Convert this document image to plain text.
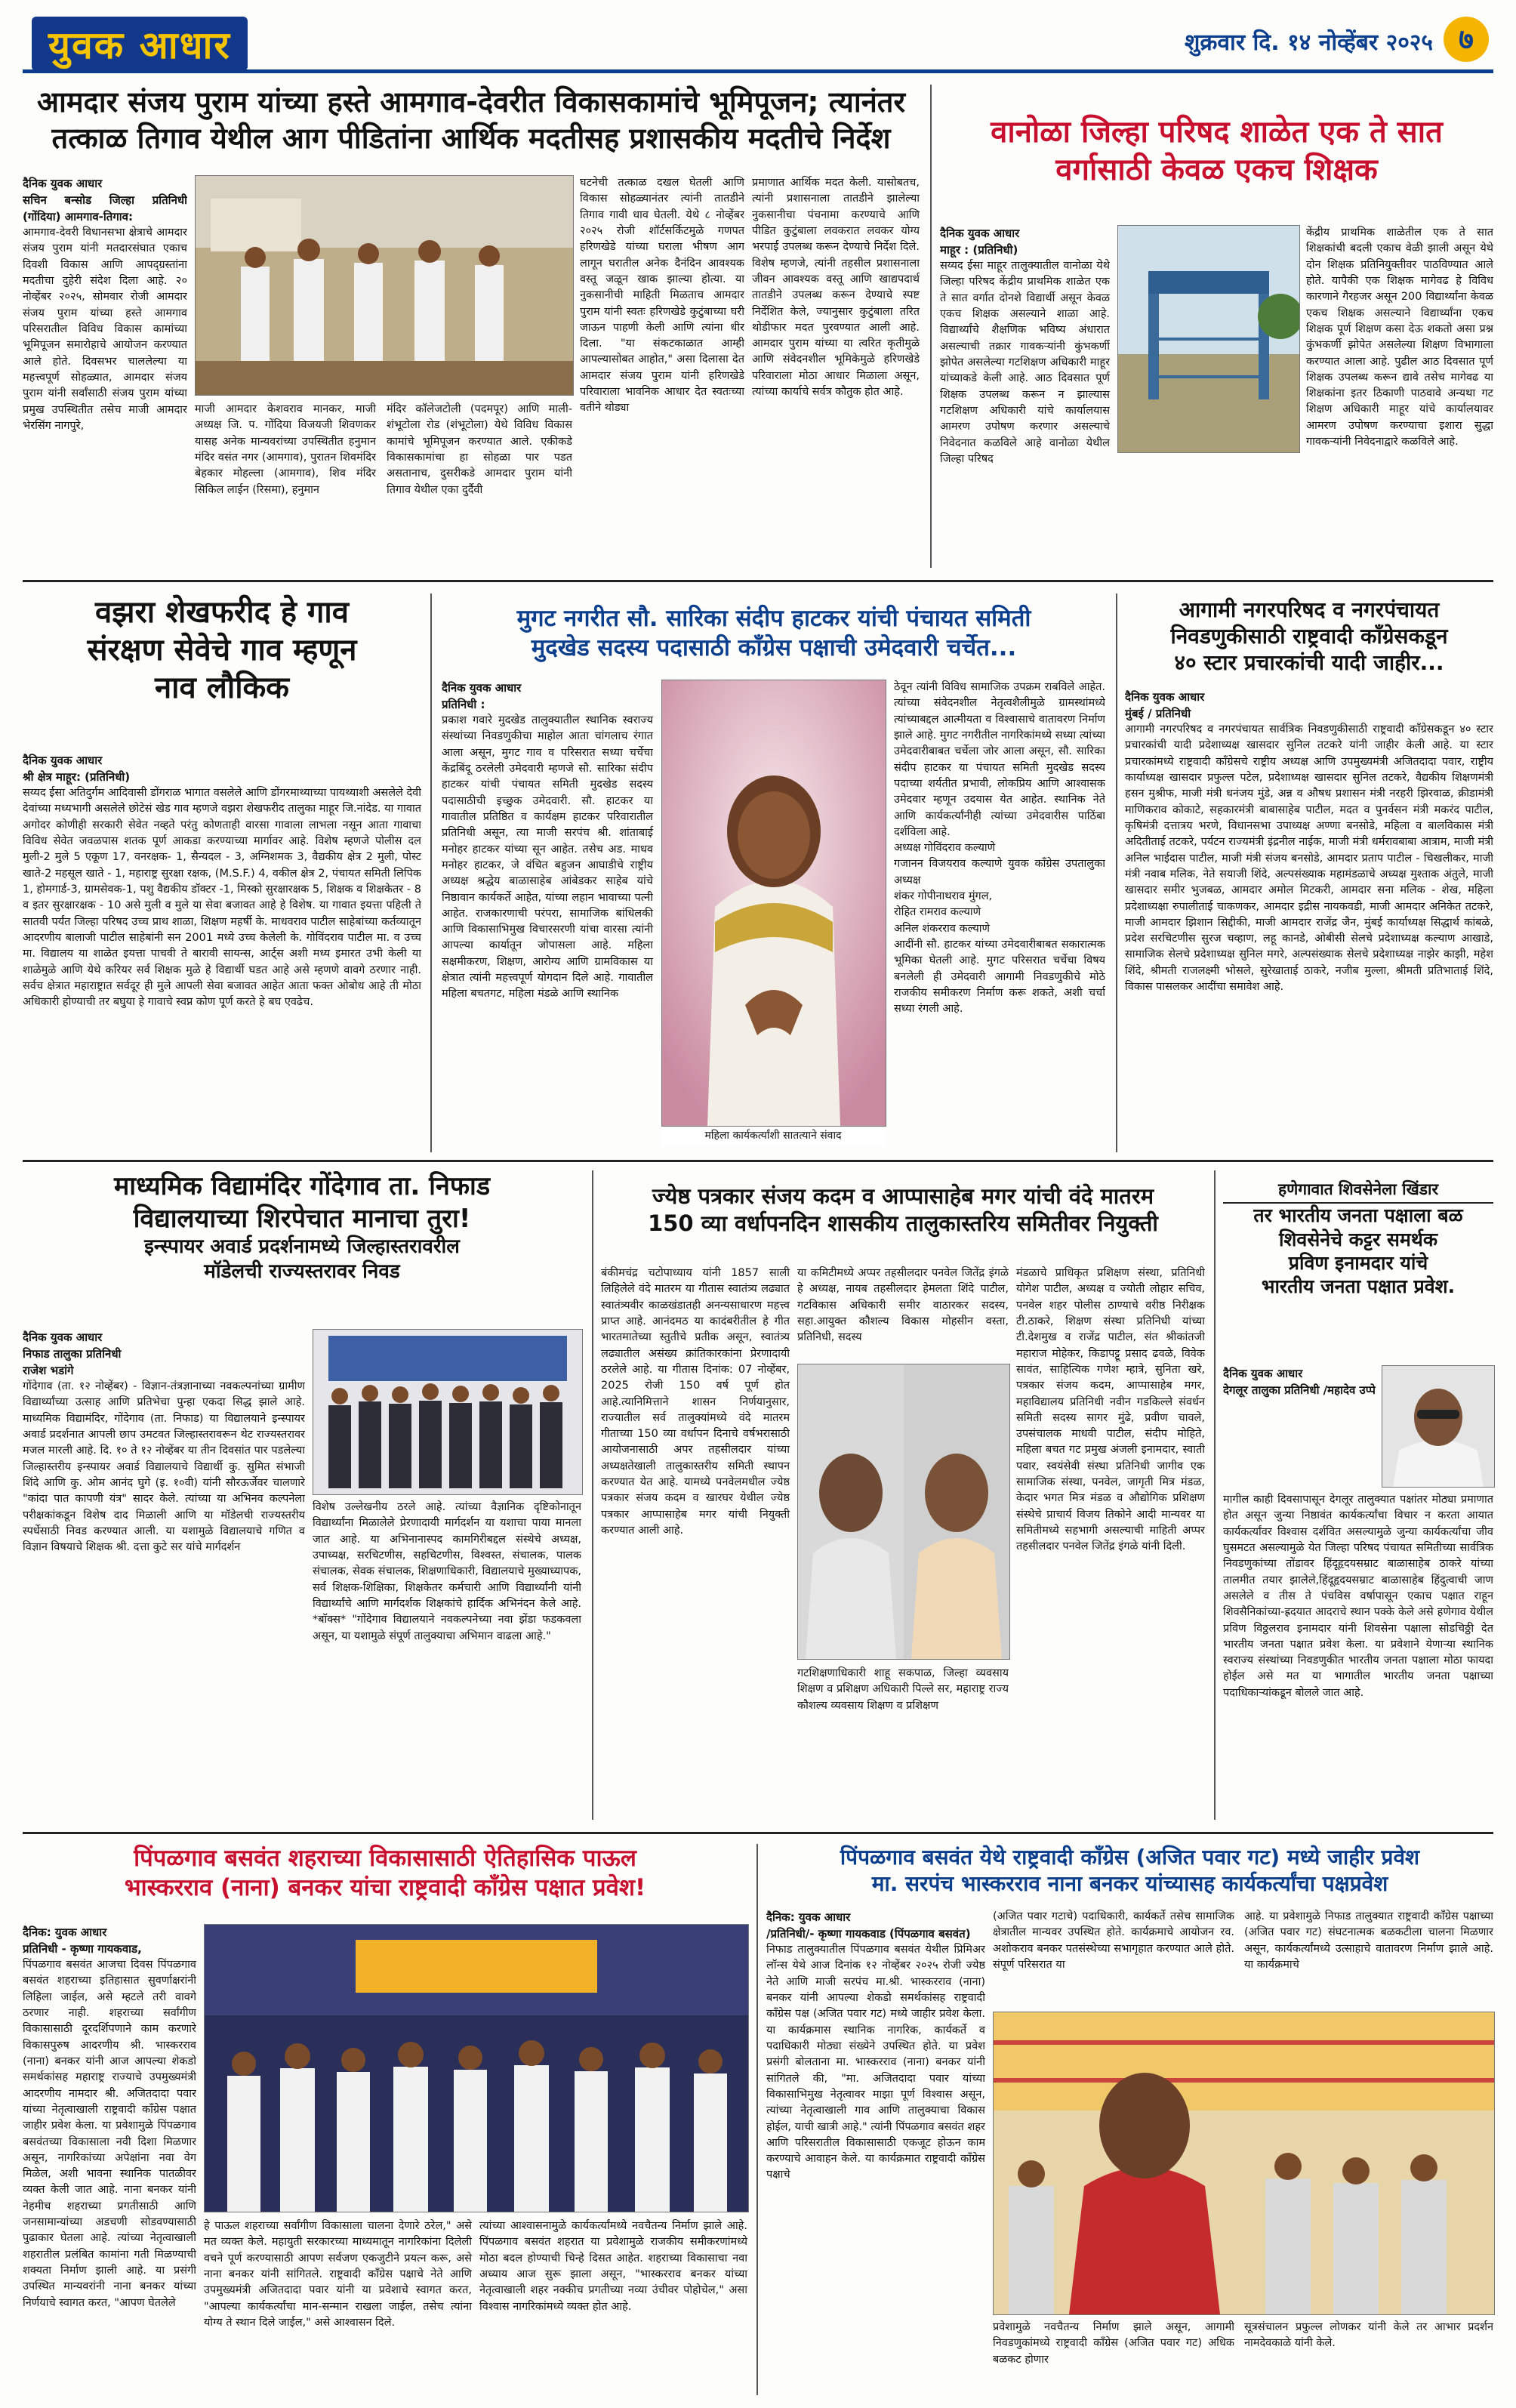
युवक आधार	शुक्रवार दि. १४ नोव्हेंबर २०२५ ७
आमदार संजय पुराम यांच्या हस्ते आमगाव-देवरीत विकासकामांचे भूमिपूजन; त्यानंतर
तत्काळ तिगाव येथील आग पीडितांना आर्थिक मदतीसह प्रशासकीय मदतीचे निर्देश
दैनिक युवक आधार
सचिन बन्सोड जिल्हा प्रतिनिधी (गोंदिया) आमगाव-तिगाव:
आमगाव-देवरी विधानसभा क्षेत्राचे आमदार संजय पुराम यांनी मतदारसंघात एकाच दिवशी विकास आणि आपद्ग्रस्तांना मदतीचा दुहेरी संदेश दिला आहे. २० नोव्हेंबर २०२५, सोमवार रोजी आमदार संजय पुराम यांच्या हस्ते आमगाव परिसरातील विविध विकास कामांच्या भूमिपूजन समारोहाचे आयोजन करण्यात आले होते. दिवसभर चाललेल्या या महत्त्वपूर्ण सोहळ्यात, आमदार संजय पुराम यांनी सर्वांसाठी संजय पुराम यांच्या प्रमुख उपस्थितीत तसेच माजी आमदार भेरसिंग नागपुरे,
माजी आमदार केशवराव मानकर, माजी अध्यक्ष जि. प. गोंदिया विजयजी शिवणकर यासह अनेक मान्यवरांच्या उपस्थितीत हनुमान मंदिर वसंत नगर (आमगाव), पुरातन शिवमंदिर बेहकार मोहल्ला (आमगाव), शिव मंदिर सिकिल लाईन (रिसमा), हनुमान
मंदिर कॉलेजटोली (पदमपूर) आणि माली-शंभूटोला रोड (शंभूटोला) येथे विविध विकास कामांचे भूमिपूजन करण्यात आले. एकीकडे विकासकामांचा हा सोहळा पार पडत असतानाच, दुसरीकडे आमदार पुराम यांनी तिगाव येथील एका दुर्दैवी
घटनेची तत्काळ दखल घेतली आणि विकास सोहळ्यानंतर त्यांनी तातडीने तिगाव गावी धाव घेतली. येथे ८ नोव्हेंबर २०२५ रोजी शॉर्टसर्किटमुळे गणपत हरिणखेडे यांच्या घराला भीषण आग लागून घरातील अनेक दैनंदिन आवश्यक वस्तू जळून खाक झाल्या होत्या. या नुकसानीची माहिती मिळताच आमदार पुराम यांनी स्वतः हरिणखेडे कुटुंबाच्या घरी जाऊन पाहणी केली आणि त्यांना धीर दिला. "या संकटकाळात आम्ही आपल्यासोबत आहोत," असा दिलासा देत आमदार संजय पुराम यांनी हरिणखेडे परिवाराला भावनिक आधार देत स्वतःच्या वतीने थोड्या
प्रमाणात आर्थिक मदत केली. यासोबतच, त्यांनी प्रशासनाला तातडीने झालेल्या नुकसानीचा पंचनामा करण्याचे आणि पीडित कुटुंबाला लवकरात लवकर योग्य भरपाई उपलब्ध करून देण्याचे निर्देश दिले. विशेष म्हणजे, त्यांनी तहसील प्रशासनाला जीवन आवश्यक वस्तू आणि खाद्यपदार्थ तातडीने उपलब्ध करून देण्याचे स्पष्ट निर्देशित केले, ज्यानुसार कुटुंबाला तरित थोडीफार मदत पुरवण्यात आली आहे. आमदार पुराम यांच्या या त्वरित कृतीमुळे आणि संवेदनशील भूमिकेमुळे हरिणखेडे परिवाराला मोठा आधार मिळाला असून, त्यांच्या कार्याचे सर्वत्र कौतुक होत आहे.
वानोळा जिल्हा परिषद शाळेत एक ते सात
वर्गासाठी केवळ एकच शिक्षक
दैनिक युवक आधार
माहूर : (प्रतिनिधी)
सय्यद ईसा माहूर तालुक्यातील वानोळा येथे जिल्हा परिषद केंद्रीय प्राथमिक शाळेत एक ते सात वर्गात दोनशे विद्यार्थी असून केवळ एकच शिक्षक असल्याने शाळा आहे. विद्यार्थ्यांचे शैक्षणिक भविष्य अंधारात असल्याची तक्रार गावकऱ्यांनी कुंभकर्णी झोपेत असलेल्या गटशिक्षण अधिकारी माहूर यांच्याकडे केली आहे. आठ दिवसात पूर्ण शिक्षक उपलब्ध करून न झाल्यास गटशिक्षण अधिकारी यांचे कार्यालयास आमरण उपोषण करणार असल्याचे निवेदनात कळविले आहे वानोळा येथील जिल्हा परिषद
केंद्रीय प्राथमिक शाळेतील एक ते सात शिक्षकांची बदली एकाच वेळी झाली असून येथे दोन शिक्षक प्रतिनियुक्तीवर पाठविण्यात आले होते. यापैकी एक शिक्षक मागेवढ हे विविध कारणाने गैरहजर असून 200 विद्यार्थ्यांना केवळ एकच शिक्षक असल्याने विद्यार्थ्यांना एकच शिक्षक पूर्ण शिक्षण कसा देऊ शकतो असा प्रश्न कुंभकर्णी झोपेत असलेल्या शिक्षण विभागाला करण्यात आला आहे. पुढील आठ दिवसात पूर्ण शिक्षक उपलब्ध करून द्यावे तसेच मागेवढ या शिक्षकांना इतर ठिकाणी पाठवावे अन्यथा गट शिक्षण अधिकारी माहूर यांचे कार्यालयावर आमरण उपोषण करण्याचा इशारा सुद्धा गावकऱ्यांनी निवेदनाद्वारे कळविले आहे.
वझरा शेखफरीद हे गाव
संरक्षण सेवेचे गाव म्हणून
नाव लौकिक
दैनिक युवक आधार
श्री क्षेत्र माहूर: (प्रतिनिधी)
सय्यद ईसा अतिदुर्गम आदिवासी डोंगराळ भागात वसलेले आणि डोंगरमाथ्याच्या पायथ्याशी असलेले देवी देवांच्या मध्यभागी असलेले छोटेसं खेड गाव म्हणजे वझरा शेखफरीद तालुका माहूर जि.नांदेड. या गावात अगोदर कोणीही सरकारी सेवेत नव्हते परंतु कोणताही वारसा गावाला लाभला नसून आता गावाचा विविध सेवेत जवळपास शतक पूर्ण आकडा करण्याच्या मार्गावर आहे. विशेष म्हणजे पोलीस दल मुली-2 मुले 5 एकूण 17, वनरक्षक- 1, सैन्यदल - 3, अग्निशमक 3, वैद्यकीय क्षेत्र 2 मुली, पोस्ट खाते-2 महसूल खाते - 1, महाराष्ट्र सुरक्षा रक्षक, (M.S.F.) 4, वकील क्षेत्र 2, पंचायत समिती लिपिक 1, होमगार्ड-3, ग्रामसेवक-1, पशु वैद्यकीय डॉक्टर -1, मिस्को सुरक्षारक्षक 5, शिक्षक व शिक्षकेतर - 8 व इतर सुरक्षारक्षक - 10 असे मुली व मुले या सेवा बजावत आहे हे विशेष. या गावात इयत्ता पहिली ते सातवी पर्यंत जिल्हा परिषद उच्च प्राथ शाळा, शिक्षण महर्षी के. माधवराव पाटील साहेबांच्या कर्तव्यातून आदरणीय बालाजी पाटील साहेबांनी सन 2001 मध्ये उच्च केलेली के. गोविंदराव पाटील मा. व उच्च मा. विद्यालय या शाळेत इयत्ता पाचवी ते बारावी सायन्स, आर्ट्स अशी मध्य इमारत उभी केली या शाळेमुळे आणि येथे करियर सर्व शिक्षक मुळे हे विद्यार्थी घडत आहे असे म्हणणे वावगे ठरणार नाही. सर्वच क्षेत्रात महाराष्ट्रात सर्वदूर ही मुले आपली सेवा बजावत आहेत आता फक्त ओबोध आहे ती मोठा अधिकारी होण्याची तर बघुया हे गावाचे स्वप्न कोण पूर्ण करते हे बघ एवढेच.
मुगट नगरीत सौ. सारिका संदीप हाटकर यांची पंचायत समिती
मुदखेड सदस्य पदासाठी कॉंग्रेस पक्षाची उमेदवारी चर्चेत...
दैनिक युवक आधार
प्रतिनिधी :
प्रकाश गवारे मुदखेड तालुक्यातील स्थानिक स्वराज्य संस्थांच्या निवडणुकीचा माहोल आता चांगलाच रंगात आला असून, मुगट गाव व परिसरात सध्या चर्चेचा केंद्रबिंदू ठरलेली उमेदवारी म्हणजे सौ. सारिका संदीप हाटकर यांची पंचायत समिती मुदखेड सदस्य पदासाठीची इच्छुक उमेदवारी. सौ. हाटकर या गावातील प्रतिष्ठित व कार्यक्षम हाटकर परिवारातील प्रतिनिधी असून, त्या माजी सरपंच श्री. शांताबाई मनोहर हाटकर यांच्या सून आहेत. तसेच अड. माधव मनोहर हाटकर, जे वंचित बहुजन आघाडीचे राष्ट्रीय अध्यक्ष श्रद्धेय बाळासाहेब आंबेडकर साहेब यांचे निष्ठावान कार्यकर्ते आहेत, यांच्या लहान भावाच्या पत्नी आहेत. राजकारणाची परंपरा, सामाजिक बांधिलकी आणि विकासाभिमुख विचारसरणी यांचा वारसा त्यांनी आपल्या कार्यातून जोपासला आहे. महिला सक्षमीकरण, शिक्षण, आरोग्य आणि ग्रामविकास या क्षेत्रात त्यांनी महत्त्वपूर्ण योगदान दिले आहे. गावातील महिला बचतगट, महिला मंडळे आणि स्थानिक
महिला कार्यकर्त्यांशी सातत्याने संवाद
ठेवून त्यांनी विविध सामाजिक उपक्रम राबविले आहेत. त्यांच्या संवेदनशील नेतृत्वशैलीमुळे ग्रामस्थांमध्ये त्यांच्याबद्दल आत्मीयता व विश्वासाचे वातावरण निर्माण झाले आहे. मुगट नगरीतील नागरिकांमध्ये सध्या त्यांच्या उमेदवारीबाबत चर्चेला जोर आला असून, सौ. सारिका संदीप हाटकर या पंचायत समिती मुदखेड सदस्य पदाच्या शर्यतीत प्रभावी, लोकप्रिय आणि आश्वासक उमेदवार म्हणून उदयास येत आहेत. स्थानिक नेते आणि कार्यकर्त्यांनीही त्यांच्या उमेदवारीस पाठिंबा दर्शविला आहे.
अध्यक्ष गोविंदराव कल्याणे
गजानन विजयराव कल्याणे युवक कॉंग्रेस उपतालुका अध्यक्ष
शंकर गोपीनाथराव मुंगल,
रोहित रामराव कल्याणे
अनिल शंकरराव कल्याणे
आदींनी सौ. हाटकर यांच्या उमेदवारीबाबत सकारात्मक भूमिका घेतली आहे. मुगट परिसरात चर्चेचा विषय बनलेली ही उमेदवारी आगामी निवडणुकीचे मोठे राजकीय समीकरण निर्माण करू शकते, अशी चर्चा सध्या रंगली आहे.
आगामी नगरपरिषद व नगरपंचायत
निवडणुकीसाठी राष्ट्रवादी कॉंग्रेसकडून
४० स्टार प्रचारकांची यादी जाहीर...
दैनिक युवक आधार
मुंबई / प्रतिनिधी
आगामी नगरपरिषद व नगरपंचायत सार्वत्रिक निवडणुकीसाठी राष्ट्रवादी कॉंग्रेसकडून ४० स्टार प्रचारकांची यादी प्रदेशाध्यक्ष खासदार सुनिल तटकरे यांनी जाहीर केली आहे. या स्टार प्रचारकांमध्ये राष्ट्रवादी कॉंग्रेसचे राष्ट्रीय अध्यक्ष आणि उपमुख्यमंत्री अजितदादा पवार, राष्ट्रीय कार्याध्यक्ष खासदार प्रफुल्ल पटेल, प्रदेशाध्यक्ष खासदार सुनिल तटकरे, वैद्यकीय शिक्षणमंत्री हसन मुश्रीफ, माजी मंत्री धनंजय मुंडे, अन्न व औषध प्रशासन मंत्री नरहरी झिरवाळ, क्रीडामंत्री माणिकराव कोकाटे, सहकारमंत्री बाबासाहेब पाटील, मदत व पुनर्वसन मंत्री मकरंद पाटील, कृषिमंत्री दत्तात्रय भरणे, विधानसभा उपाध्यक्ष अण्णा बनसोडे, महिला व बालविकास मंत्री अदितीताई तटकरे, पर्यटन राज्यमंत्री इंद्रनील नाईक, माजी मंत्री धर्मरावबाबा आत्राम, माजी मंत्री अनिल भाईदास पाटील, माजी मंत्री संजय बनसोडे, आमदार प्रताप पाटील - चिखलीकर, माजी मंत्री नवाब मलिक, नेते सयाजी शिंदे, अल्पसंख्याक महामंडळाचे अध्यक्ष मुश्ताक अंतुले, माजी खासदार समीर भुजबळ, आमदार अमोल मिटकरी, आमदार सना मलिक - शेख, महिला प्रदेशाध्यक्षा रुपालीताई चाकणकर, आमदार इद्रीस नायकवडी, माजी आमदार अनिकेत तटकरे, माजी आमदार झिशान सिद्दीकी, माजी आमदार राजेंद्र जैन, मुंबई कार्याध्यक्ष सिद्धार्थ कांबळे, प्रदेश सरचिटणीस सुरज चव्हाण, लहू कानडे, ओबीसी सेलचे प्रदेशाध्यक्ष कल्याण आखाडे, सामाजिक सेलचे प्रदेशाध्यक्ष सुनिल मगरे, अल्पसंख्याक सेलचे प्रदेशाध्यक्ष नाझेर काझी, महेश शिंदे, श्रीमती राजलक्ष्मी भोसले, सुरेखाताई ठाकरे, नजीब मुल्ला, श्रीमती प्रतिभाताई शिंदे, विकास पासलकर आदींचा समावेश आहे.
माध्यमिक विद्यामंदिर गोंदेगाव ता. निफाड
विद्यालयाच्या शिरपेचात मानाचा तुरा!
इन्स्पायर अवार्ड प्रदर्शनामध्ये जिल्हास्तरावरील
मॉडेलची राज्यस्तरावर निवड
दैनिक युवक आधार
निफाड तालुका प्रतिनिधी
राजेश भडांगे
गोंदेगाव (ता. १२ नोव्हेंबर) - विज्ञान-तंत्रज्ञानाच्या नवकल्पनांच्या ग्रामीण विद्यार्थ्यांच्या उत्साह आणि प्रतिभेचा पुन्हा एकदा सिद्ध झाले आहे. माध्यमिक विद्यामंदिर, गोंदेगाव (ता. निफाड) या विद्यालयाने इन्स्पायर अवार्ड प्रदर्शनात आपली छाप उमटवत जिल्हास्तरावरून थेट राज्यस्तरावर मजल मारली आहे. दि. १० ते १२ नोव्हेंबर या तीन दिवसांत पार पडलेल्या जिल्हास्तरीय इन्स्पायर अवार्ड विद्यालयाचे विद्यार्थी कु. सुमित संभाजी शिंदे आणि कु. ओम आनंद घुगे (इ. १०वी) यांनी सौरऊर्जेवर चालणारे "कांदा पात कापणी यंत्र" सादर केले. त्यांच्या या अभिनव कल्पनेला परीक्षकांकडून विशेष दाद मिळाली आणि या मॉडेलची राज्यस्तरीय स्पर्धेसाठी निवड करण्यात आली. या यशामुळे विद्यालयाचे गणित व विज्ञान विषयाचे शिक्षक श्री. दत्ता कुटे सर यांचे मार्गदर्शन
विशेष उल्लेखनीय ठरले आहे. त्यांच्या वैज्ञानिक दृष्टिकोनातून विद्यार्थ्यांना मिळालेले प्रेरणादायी मार्गदर्शन या यशाचा पाया मानला जात आहे. या अभिनानास्पद कामगिरीबद्दल संस्थेचे अध्यक्ष, उपाध्यक्ष, सरचिटणीस, सहचिटणीस, विश्वस्त, संचालक, पालक संचालक, सेवक संचालक, शिक्षणाधिकारी, विद्यालयाचे मुख्याध्यापक, सर्व शिक्षक-शिक्षिका, शिक्षकेतर कर्मचारी आणि विद्यार्थ्यांनी यांनी विद्यार्थ्यांचे आणि मार्गदर्शक शिक्षकांचे हार्दिक अभिनंदन केले आहे. *बॉक्स* "गोंदेगाव विद्यालयाने नवकल्पनेच्या नवा झेंडा फडकवला असून, या यशामुळे संपूर्ण तालुक्याचा अभिमान वाढला आहे."
ज्येष्ठ पत्रकार संजय कदम व आप्पासाहेब मगर यांची वंदे मातरम
150 व्या वर्धापनदिन शासकीय तालुकास्तरिय समितीवर नियुक्ती
बंकीमचंद्र चटोपाध्याय यांनी 1857 साली लिहिलेले वंदे मातरम या गीतास स्वातंत्र्य लढ्यात स्वातंत्र्यवीर काळखंडातही अनन्यसाधारण महत्त्व प्राप्त आहे. आनंदमठ या कादंबरीतील हे गीत भारतमातेच्या स्तुतीचे प्रतीक असून, स्वातंत्र्य लढ्यातील असंख्य क्रांतिकारकांना प्रेरणादायी ठरलेले आहे. या गीतास दिनांक: 07 नोव्हेंबर, 2025 रोजी 150 वर्ष पूर्ण होत आहे.त्यानिमित्ताने शासन निर्णयानुसार, राज्यातील सर्व तालुक्यांमध्ये वंदे मातरम गीताच्या 150 व्या वर्धापन दिनाचे वर्षभरासाठी आयोजनासाठी अपर तहसीलदार यांच्या अध्यक्षतेखाली तालुकास्तरीय समिती स्थापन करण्यात येत आहे. यामध्ये पनवेलमधील ज्येष्ठ पत्रकार संजय कदम व खारघर येथील ज्येष्ठ पत्रकार आप्पासाहेब मगर यांची नियुक्ती करण्यात आली आहे.
या कमिटीमध्ये अप्पर तहसीलदार पनवेल जितेंद्र इंगळे हे अध्यक्ष, नायब तहसीलदार हेमलता शिंदे पाटील, गटविकास अधिकारी समीर वाठारकर सदस्य, सहा.आयुक्त कौशल्य विकास मोहसीन वस्ता, प्रतिनिधी, सदस्य
गटशिक्षणाधिकारी शाहू सकपाळ, जिल्हा व्यवसाय शिक्षण व प्रशिक्षण अधिकारी पिल्ले सर, महाराष्ट्र राज्य कौशल्य व्यवसाय शिक्षण व प्रशिक्षण
मंडळाचे प्राधिकृत प्रशिक्षण संस्था, प्रतिनिधी योगेश पाटील, अध्यक्ष व ज्योती लोहार सचिव, पनवेल शहर पोलीस ठाण्याचे वरीष्ठ निरीक्षक टी.ठाकरे, शिक्षण संस्था प्रतिनिधी यांच्या टी.देशमुख व राजेंद्र पाटील, संत श्रीकांतजी महाराज मोहेकर, किडापट्टू प्रसाद ढवळे, विवेक सावंत, साहित्यिक गणेश म्हात्रे, सुनिता खरे, पत्रकार संजय कदम, आप्पासाहेब मगर, महाविद्यालय प्रतिनिधी नवीन गडकिल्ले संवर्धन समिती सदस्य सागर मुंढे, प्रवीण चावले, उपसंचालक माधवी पाटील, संदीप मोहिते, महिला बचत गट प्रमुख अंजली इनामदार, स्वाती पवार, स्वयंसेवी संस्था प्रतिनिधी जागीव एक सामाजिक संस्था, पनवेल, जागृती मित्र मंडळ, केदार भगत मित्र मंडळ व औद्योगिक प्रशिक्षण संस्थेचे प्राचार्य विजय तिकोने आदी मान्यवर या समितीमध्ये सहभागी असल्याची माहिती अप्पर तहसीलदार पनवेल जितेंद्र इंगळे यांनी दिली.
हणेगावात शिवसेनेला खिंडार
तर भारतीय जनता पक्षाला बळ
शिवसेनेचे कट्टर समर्थक
प्रविण इनामदार यांचे
भारतीय जनता पक्षात प्रवेश.
दैनिक युवक आधार
देगलूर तालुका प्रतिनिधी /महादेव उप्पे
मागील काही दिवसापासून देगलूर तालुक्यात पक्षांतर मोठ्या प्रमाणात होत असून जुन्या निष्ठावंत कार्यकर्त्यांचा विचार न करता आयात कार्यकर्त्यांवर विश्वास दर्शवित असल्यामुळे जुन्या कार्यकर्त्यांचा जीव घुसमटत असल्यामुळे येत जिल्हा परिषद पंचायत समितीच्या सार्वत्रिक निवडणुकांच्या तोंडावर हिंदूहृदयसम्राट बाळासाहेब ठाकरे यांच्या तालमीत तयार झालेले,हिंदूहृदयसम्राट बाळासाहेब हिंदुत्वाची जाण असलेले व तीस ते पंचविस वर्षापासून एकाच पक्षात राहून शिवसैनिकांच्या-ह्रदयात आदराचे स्थान पक्के केले असे हणेगाव येथील प्रविण विठ्ठलराव इनामदार यांनी शिवसेना पक्षाला सोडचिठ्ठी देत भारतीय जनता पक्षात प्रवेश केला. या प्रवेशाने येणाऱ्या स्थानिक स्वराज्य संस्थांच्या निवडणुकीत भारतीय जनता पक्षाला मोठा फायदा होईल असे मत या भागातील भारतीय जनता पक्षाच्या पदाधिकाऱ्यांकडून बोलले जात आहे.
पिंपळगाव बसवंत शहराच्या विकासासाठी ऐतिहासिक पाऊल
भास्करराव (नाना) बनकर यांचा राष्ट्रवादी कॉंग्रेस पक्षात प्रवेश!
दैनिक: युवक आधार
प्रतिनिधी - कृष्णा गायकवाड,
पिंपळगाव बसवंत आजचा दिवस पिंपळगाव बसवंत शहराच्या इतिहासात सुवर्णाक्षरांनी लिहिला जाईल, असे म्हटले तरी वावगे ठरणार नाही. शहराच्या सर्वांगीण विकासासाठी दूरदर्शिपणाने काम करणारे विकासपुरुष आदरणीय श्री. भास्करराव (नाना) बनकर यांनी आज आपल्या शेकडो समर्थकांसह महाराष्ट्र राज्याचे उपमुख्यमंत्री आदरणीय नामदार श्री. अजितदादा पवार यांच्या नेतृत्वाखाली राष्ट्रवादी कॉंग्रेस पक्षात जाहीर प्रवेश केला. या प्रवेशामुळे पिंपळगाव बसवंतच्या विकासाला नवी दिशा मिळणार असून, नागरिकांच्या अपेक्षांना नवा वेग मिळेल, अशी भावना स्थानिक पातळीवर व्यक्त केली जात आहे. नाना बनकर यांनी नेहमीच शहराच्या प्रगतीसाठी आणि जनसामान्यांच्या अडचणी सोडवण्यासाठी पुढाकार घेतला आहे. त्यांच्या नेतृत्वाखाली शहरातील प्रलंबित कामांना गती मिळण्याची शक्यता निर्माण झाली आहे. या प्रसंगी उपस्थित मान्यवरांनी नाना बनकर यांच्या निर्णयाचे स्वागत करत, "आपण घेतलेले
हे पाऊल शहराच्या सर्वांगीण विकासाला चालना देणारे ठरेल," असे मत व्यक्त केले. महायुती सरकारच्या माध्यमातून नागरिकांना दिलेली वचने पूर्ण करण्यासाठी आपण सर्वजण एकजुटीने प्रयत्न करू, असे नाना बनकर यांनी सांगितले. राष्ट्रवादी कॉंग्रेस पक्षाचे नेते आणि उपमुख्यमंत्री अजितदादा पवार यांनी या प्रवेशाचे स्वागत करत, "आपल्या कार्यकर्त्यांचा मान-सन्मान राखला जाईल, तसेच त्यांना योग्य ते स्थान दिले जाईल," असे आश्वासन दिले.
त्यांच्या आश्वासनामुळे कार्यकर्त्यांमध्ये नवचैतन्य निर्माण झाले आहे. पिंपळगाव बसवंत शहरात या प्रवेशामुळे राजकीय समीकरणांमध्ये मोठा बदल होण्याची चिन्हे दिसत आहेत. शहराच्या विकासाचा नवा अध्याय आज सुरू झाला असून, "भास्करराव बनकर यांच्या नेतृत्वाखाली शहर नक्कीच प्रगतीच्या नव्या उंचीवर पोहोचेल," असा विश्वास नागरिकांमध्ये व्यक्त होत आहे.
पिंपळगाव बसवंत येथे राष्ट्रवादी कॉंग्रेस (अजित पवार गट) मध्ये जाहीर प्रवेश
मा. सरपंच भास्करराव नाना बनकर यांच्यासह कार्यकर्त्यांचा पक्षप्रवेश
दैनिक: युवक आधार
/प्रतिनिधी/- कृष्णा गायकवाड (पिंपळगाव बसवंत)
निफाड तालुक्यातील पिंपळगाव बसवंत येथील प्रिमिअर लॉन्स येथे आज दिनांक १२ नोव्हेंबर २०२५ रोजी ज्येष्ठ नेते आणि माजी सरपंच मा.श्री. भास्करराव (नाना) बनकर यांनी आपल्या शेकडो समर्थकांसह राष्ट्रवादी कॉंग्रेस पक्ष (अजित पवार गट) मध्ये जाहीर प्रवेश केला. या कार्यक्रमास स्थानिक नागरिक, कार्यकर्ते व पदाधिकारी मोठ्या संख्येने उपस्थित होते. या प्रवेश प्रसंगी बोलताना मा. भास्करराव (नाना) बनकर यांनी सांगितले की, "मा. अजितदादा पवार यांच्या विकासाभिमुख नेतृत्वावर माझा पूर्ण विश्वास असून, त्यांच्या नेतृत्वाखाली गाव आणि तालुक्याचा विकास होईल, याची खात्री आहे." त्यांनी पिंपळगाव बसवंत शहर आणि परिसरातील विकासासाठी एकजूट होऊन काम करण्याचे आवाहन केले. या कार्यक्रमात राष्ट्रवादी कॉंग्रेस पक्षाचे
(अजित पवार गटाचे) पदाधिकारी, कार्यकर्ते तसेच सामाजिक क्षेत्रातील मान्यवर उपस्थित होते. कार्यक्रमाचे आयोजन रव. अशोकराव बनकर पतसंस्थेच्या सभागृहात करण्यात आले होते. संपूर्ण परिसरात या
आहे. या प्रवेशामुळे निफाड तालुक्यात राष्ट्रवादी कॉंग्रेस पक्षाच्या (अजित पवार गट) संघटनात्मक बळकटीला चालना मिळणार असून, कार्यकर्त्यांमध्ये उत्साहाचे वातावरण निर्माण झाले आहे. या कार्यक्रमाचे
प्रवेशामुळे नवचैतन्य निर्माण झाले असून, आगामी निवडणुकांमध्ये राष्ट्रवादी कॉंग्रेस (अजित पवार गट) अधिक बळकट होणार
सूत्रसंचालन प्रफुल्ल लोणकर यांनी केले तर आभार प्रदर्शन नामदेवकाळे यांनी केले.
